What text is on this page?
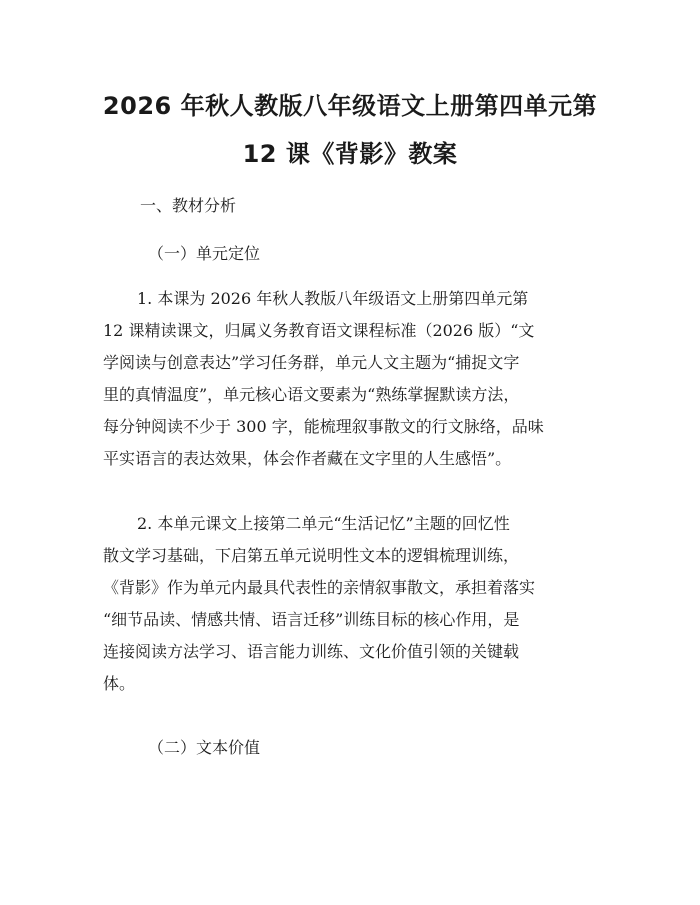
2026 年秋人教版八年级语文上册第四单元第
12 课《背影》教案
一、教材分析
（一）单元定位
1. 本课为 2026 年秋人教版八年级语文上册第四单元第
12 课精读课文，归属义务教育语文课程标准（2026 版）“文
学阅读与创意表达”学习任务群，单元人文主题为“捕捉文字
里的真情温度”，单元核心语文要素为“熟练掌握默读方法，
每分钟阅读不少于 300 字，能梳理叙事散文的行文脉络，品味
平实语言的表达效果，体会作者藏在文字里的人生感悟”。
2. 本单元课文上接第二单元“生活记忆”主题的回忆性
散文学习基础，下启第五单元说明性文本的逻辑梳理训练，
《背影》作为单元内最具代表性的亲情叙事散文，承担着落实
“细节品读、情感共情、语言迁移”训练目标的核心作用，是
连接阅读方法学习、语言能力训练、文化价值引领的关键载
体。
（二）文本价值
